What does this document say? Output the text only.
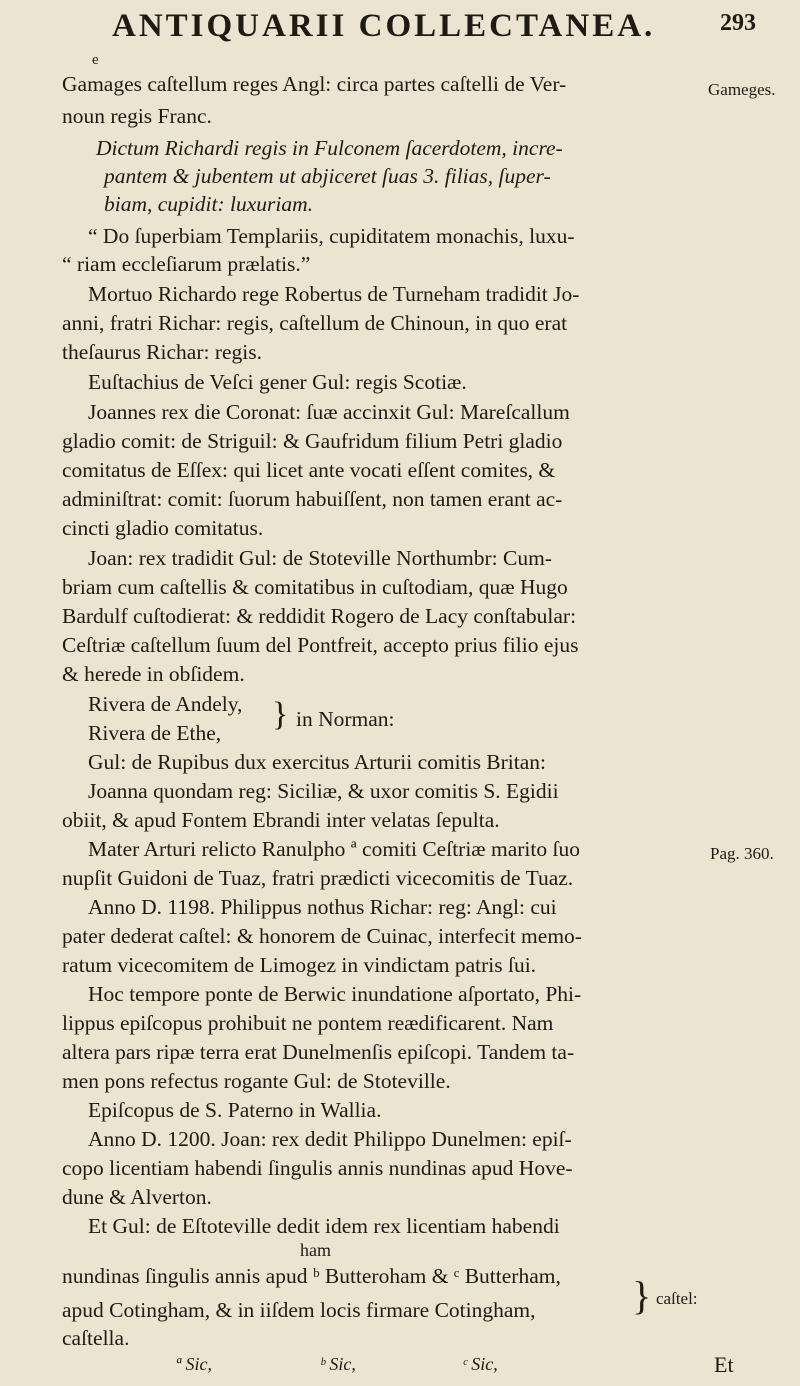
ANTIQUARII COLLECTANEA.	293
e
Gamages caſtellum reges Angl: circa partes caſtelli de Ver-
noun regis Franc.
Dictum Richardi regis in Fulconem ſacerdotem, incre-
pantem & jubentem ut abjiceret ſuas 3. filias, ſuper-
biam, cupidit: luxuriam.
“ Do ſuperbiam Templariis, cupiditatem monachis, luxu-
“ riam eccleſiarum prælatis.”
Mortuo Richardo rege Robertus de Turneham tradidit Jo-
anni, fratri Richar: regis, caſtellum de Chinoun, in quo erat
theſaurus Richar: regis.
Euſtachius de Veſci gener Gul: regis Scotiæ.
Joannes rex die Coronat: ſuæ accinxit Gul: Mareſcallum
gladio comit: de Striguil: & Gaufridum filium Petri gladio
comitatus de Eſſex: qui licet ante vocati eſſent comites, &
adminiſtrat: comit: ſuorum habuiſſent, non tamen erant ac-
cincti gladio comitatus.
Joan: rex tradidit Gul: de Stoteville Northumbr: Cum-
briam cum caſtellis & comitatibus in cuſtodiam, quæ Hugo
Bardulf cuſtodierat: & reddidit Rogero de Lacy conſtabular:
Ceſtriæ caſtellum ſuum del Pontfreit, accepto prius filio ejus
& herede in obſidem.
Rivera de Andely,
Rivera de Ethe, } in Norman:
Gul: de Rupibus dux exercitus Arturii comitis Britan:
Joanna quondam reg: Siciliæ, & uxor comitis S. Egidii
obiit, & apud Fontem Ebrandi inter velatas ſepulta.
Mater Arturi relicto Ranulpho ª comiti Ceſtriæ marito ſuo
nupſit Guidoni de Tuaz, fratri prædicti vicecomitis de Tuaz.
Anno D. 1198. Philippus nothus Richar: reg: Angl: cui
pater dederat caſtel: & honorem de Cuinac, interfecit memo-
ratum vicecomitem de Limogez in vindictam patris ſui.
Hoc tempore ponte de Berwic inundatione aſportato, Phi-
lippus epiſcopus prohibuit ne pontem reædificarent. Nam
altera pars ripæ terra erat Dunelmenſis epiſcopi. Tandem ta-
men pons refectus rogante Gul: de Stoteville.
Epiſcopus de S. Paterno in Wallia.
Anno D. 1200. Joan: rex dedit Philippo Dunelmen: epiſ-
copo licentiam habendi ſingulis annis nundinas apud Hove-
dune & Alverton.
Et Gul: de Eſtoteville dedit idem rex licentiam habendi
ham
nundinas ſingulis annis apud ᵇ Butteroham & ᶜ Butterham,
apud Cotingham, & in iiſdem locis firmare Cotingham,
caſtella.
}
Gameges.
Pag. 360.
caſtel:
ª Sic,	ᵇ Sic,	ᶜ Sic,	Et
